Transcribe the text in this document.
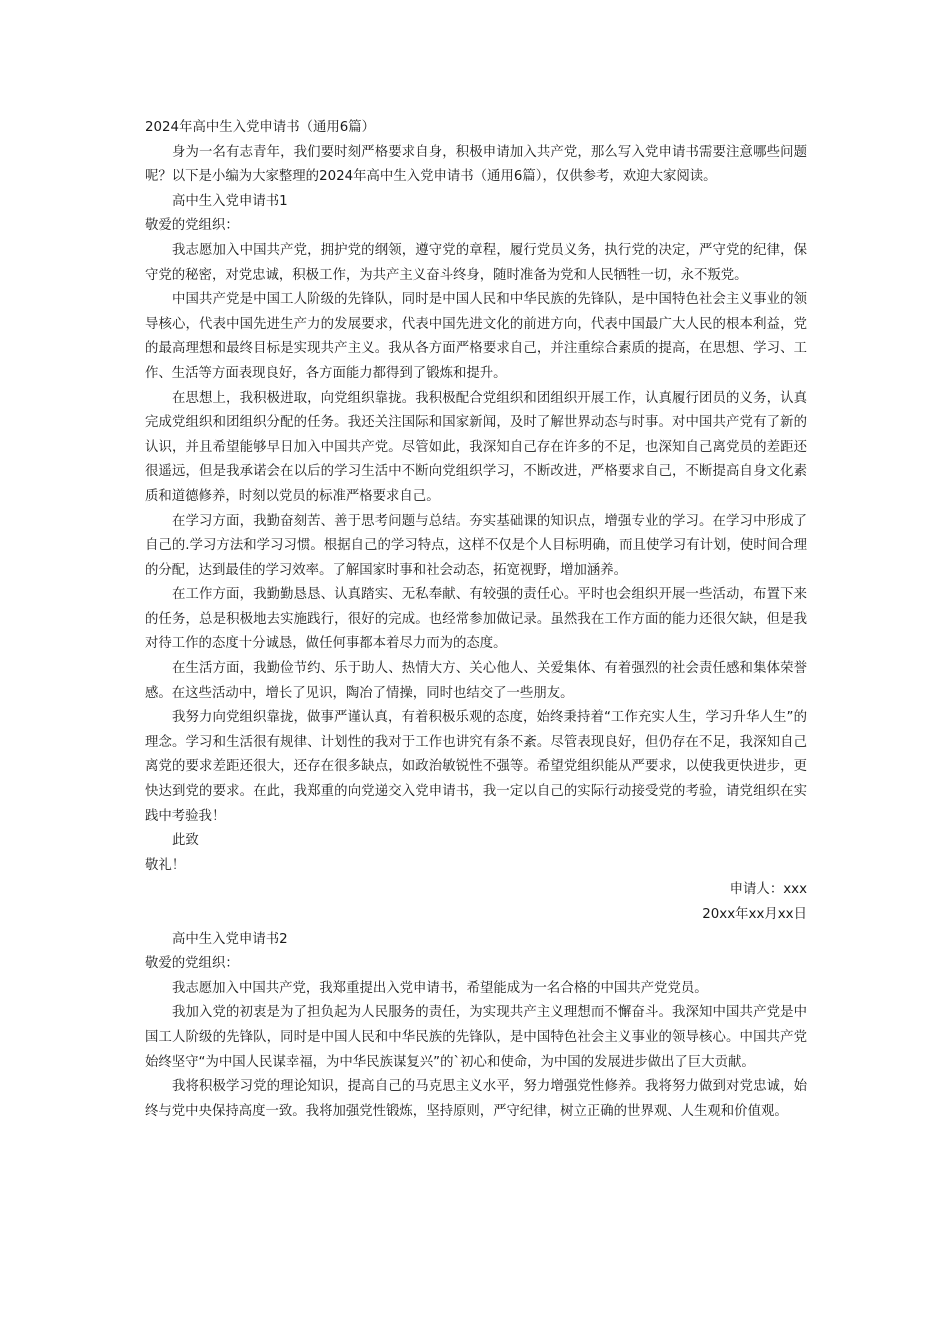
2024年高中生入党申请书（通用6篇）

身为一名有志青年，我们要时刻严格要求自身，积极申请加入共产党，那么写入党申请书需要注意哪些问题呢？以下是小编为大家整理的2024年高中生入党申请书（通用6篇），仅供参考，欢迎大家阅读。

高中生入党申请书1

敬爱的党组织：

我志愿加入中国共产党，拥护党的纲领，遵守党的章程，履行党员义务，执行党的决定，严守党的纪律，保守党的秘密，对党忠诚，积极工作，为共产主义奋斗终身，随时准备为党和人民牺牲一切，永不叛党。

中国共产党是中国工人阶级的先锋队，同时是中国人民和中华民族的先锋队，是中国特色社会主义事业的领导核心，代表中国先进生产力的发展要求，代表中国先进文化的前进方向，代表中国最广大人民的根本利益，党的最高理想和最终目标是实现共产主义。我从各方面严格要求自己，并注重综合素质的提高，在思想、学习、工作、生活等方面表现良好，各方面能力都得到了锻炼和提升。

在思想上，我积极进取，向党组织靠拢。我积极配合党组织和团组织开展工作，认真履行团员的义务，认真完成党组织和团组织分配的任务。我还关注国际和国家新闻，及时了解世界动态与时事。对中国共产党有了新的认识，并且希望能够早日加入中国共产党。尽管如此，我深知自己存在许多的不足，也深知自己离党员的差距还很遥远，但是我承诺会在以后的学习生活中不断向党组织学习，不断改进，严格要求自己，不断提高自身文化素质和道德修养，时刻以党员的标准严格要求自己。

在学习方面，我勤奋刻苦、善于思考问题与总结。夯实基础课的知识点，增强专业的学习。在学习中形成了自己的.学习方法和学习习惯。根据自己的学习特点，这样不仅是个人目标明确，而且使学习有计划，使时间合理的分配，达到最佳的学习效率。了解国家时事和社会动态，拓宽视野，增加涵养。

在工作方面，我勤勤恳恳、认真踏实、无私奉献、有较强的责任心。平时也会组织开展一些活动，布置下来的任务，总是积极地去实施践行，很好的完成。也经常参加做记录。虽然我在工作方面的能力还很欠缺，但是我对待工作的态度十分诚恳，做任何事都本着尽力而为的态度。

在生活方面，我勤俭节约、乐于助人、热情大方、关心他人、关爱集体、有着强烈的社会责任感和集体荣誉感。在这些活动中，增长了见识，陶冶了情操，同时也结交了一些朋友。

我努力向党组织靠拢，做事严谨认真，有着积极乐观的态度，始终秉持着“工作充实人生，学习升华人生”的理念。学习和生活很有规律、计划性的我对于工作也讲究有条不紊。尽管表现良好，但仍存在不足，我深知自己离党的要求差距还很大，还存在很多缺点，如政治敏锐性不强等。希望党组织能从严要求，以使我更快进步，更快达到党的要求。在此，我郑重的向党递交入党申请书，我一定以自己的实际行动接受党的考验，请党组织在实践中考验我！

此致

敬礼！

申请人：xxx

20xx年xx月xx日

高中生入党申请书2

敬爱的党组织：

我志愿加入中国共产党，我郑重提出入党申请书，希望能成为一名合格的中国共产党党员。

我加入党的初衷是为了担负起为人民服务的责任，为实现共产主义理想而不懈奋斗。我深知中国共产党是中国工人阶级的先锋队，同时是中国人民和中华民族的先锋队，是中国特色社会主义事业的领导核心。中国共产党始终坚守“为中国人民谋幸福，为中华民族谋复兴”的`初心和使命，为中国的发展进步做出了巨大贡献。

我将积极学习党的理论知识，提高自己的马克思主义水平，努力增强党性修养。我将努力做到对党忠诚，始终与党中央保持高度一致。我将加强党性锻炼，坚持原则，严守纪律，树立正确的世界观、人生观和价值观。
